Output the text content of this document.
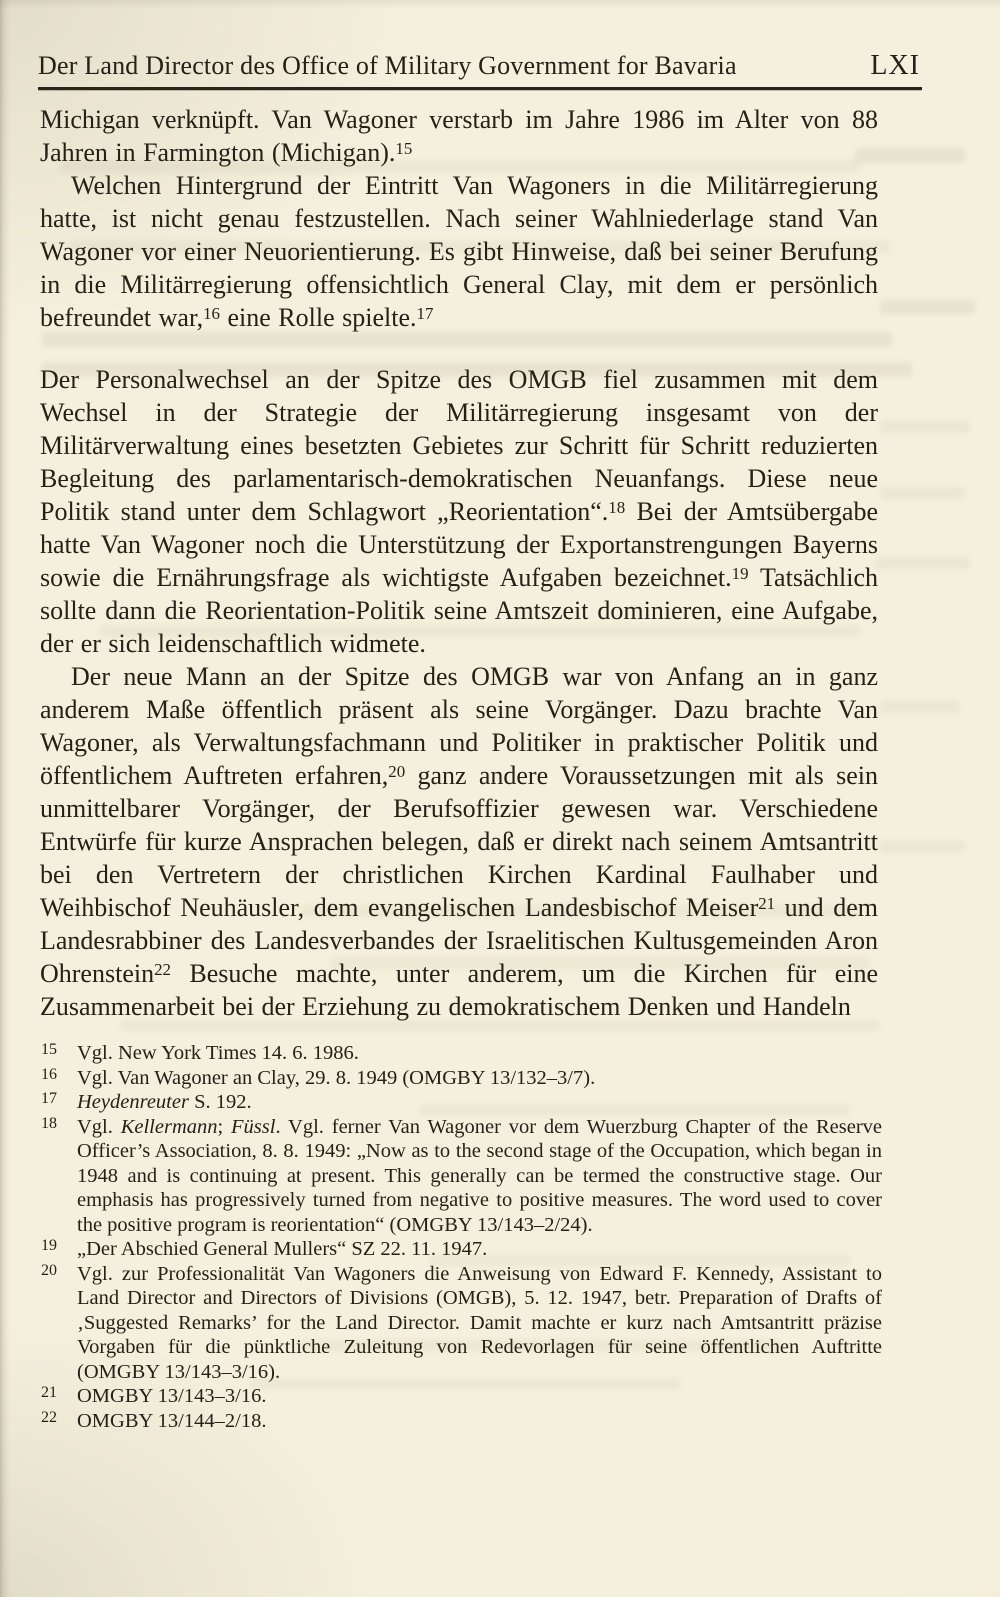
Der Land Director des Office of Military Government for Bavaria	LXI

Michigan verknüpft. Van Wagoner verstarb im Jahre 1986 im Alter von 88 Jahren in Farmington (Michigan).$^{15}$

Welchen Hintergrund der Eintritt Van Wagoners in die Militärregierung hatte, ist nicht genau festzustellen. Nach seiner Wahlniederlage stand Van Wagoner vor einer Neuorientierung. Es gibt Hinweise, daß bei seiner Berufung in die Militärregierung offensichtlich General Clay, mit dem er persönlich befreundet war,$^{16}$ eine Rolle spielte.$^{17}$

Der Personalwechsel an der Spitze des OMGB fiel zusammen mit dem Wechsel in der Strategie der Militärregierung insgesamt von der Militärverwaltung eines besetzten Gebietes zur Schritt für Schritt reduzierten Begleitung des parlamentarisch-demokratischen Neuanfangs. Diese neue Politik stand unter dem Schlagwort „Reorientation“.$^{18}$ Bei der Amtsübergabe hatte Van Wagoner noch die Unterstützung der Exportanstrengungen Bayerns sowie die Ernährungsfrage als wichtigste Aufgaben bezeichnet.$^{19}$ Tatsächlich sollte dann die Reorientation-Politik seine Amtszeit dominieren, eine Aufgabe, der er sich leidenschaftlich widmete.

Der neue Mann an der Spitze des OMGB war von Anfang an in ganz anderem Maße öffentlich präsent als seine Vorgänger. Dazu brachte Van Wagoner, als Verwaltungsfachmann und Politiker in praktischer Politik und öffentlichem Auftreten erfahren,$^{20}$ ganz andere Voraussetzungen mit als sein unmittelbarer Vorgänger, der Berufsoffizier gewesen war. Verschiedene Entwürfe für kurze Ansprachen belegen, daß er direkt nach seinem Amtsantritt bei den Vertretern der christlichen Kirchen Kardinal Faulhaber und Weihbischof Neuhäusler, dem evangelischen Landesbischof Meiser$^{21}$ und dem Landesrabbiner des Landesverbandes der Israelitischen Kultusgemeinden Aron Ohrenstein$^{22}$ Besuche machte, unter anderem, um die Kirchen für eine Zusammenarbeit bei der Erziehung zu demokratischem Denken und Handeln

15 Vgl. New York Times 14. 6. 1986.
16 Vgl. Van Wagoner an Clay, 29. 8. 1949 (OMGBY 13/132–3/7).
17 Heydenreuter S. 192.
18 Vgl. Kellermann; Füssl. Vgl. ferner Van Wagoner vor dem Wuerzburg Chapter of the Reserve Officer’s Association, 8. 8. 1949: „Now as to the second stage of the Occupation, which began in 1948 and is continuing at present. This generally can be termed the constructive stage. Our emphasis has progressively turned from negative to positive measures. The word used to cover the positive program is reorientation“ (OMGBY 13/143–2/24).
19 „Der Abschied General Mullers“ SZ 22. 11. 1947.
20 Vgl. zur Professionalität Van Wagoners die Anweisung von Edward F. Kennedy, Assistant to Land Director and Directors of Divisions (OMGB), 5. 12. 1947, betr. Preparation of Drafts of ‚Suggested Remarks’ for the Land Director. Damit machte er kurz nach Amtsantritt präzise Vorgaben für die pünktliche Zuleitung von Redevorlagen für seine öffentlichen Auftritte (OMGBY 13/143–3/16).
21 OMGBY 13/143–3/16.
22 OMGBY 13/144–2/18.
